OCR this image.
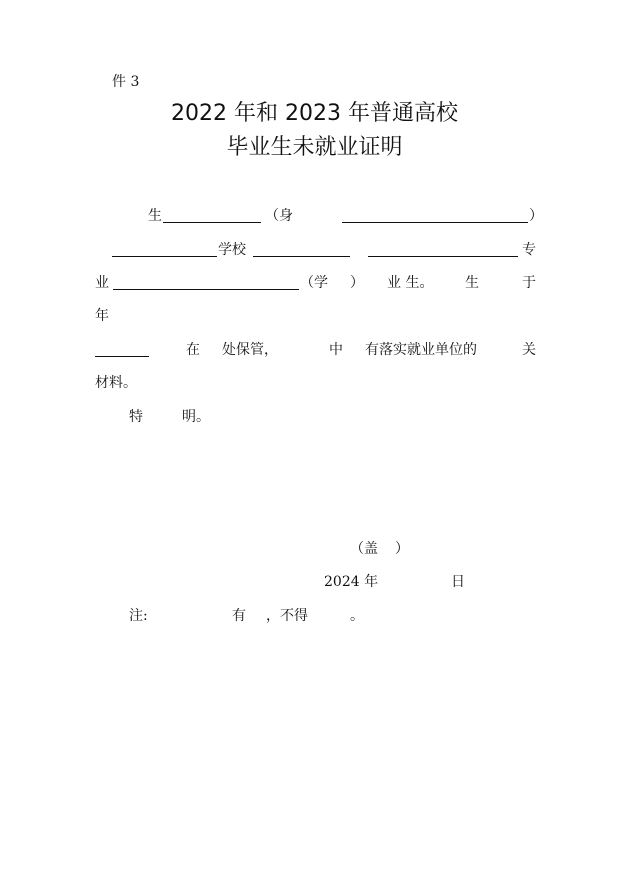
件 3
2022 年和 2023 年普通高校
毕业生未就业证明
生	（身	）
学校	专
业	（学 ） 业 生。 生	于
年
在 处保管，	中 有落实就业单位的	关
材料。
特	明。
（盖 ）
2024 年	日
注:	有 ，不得	。
